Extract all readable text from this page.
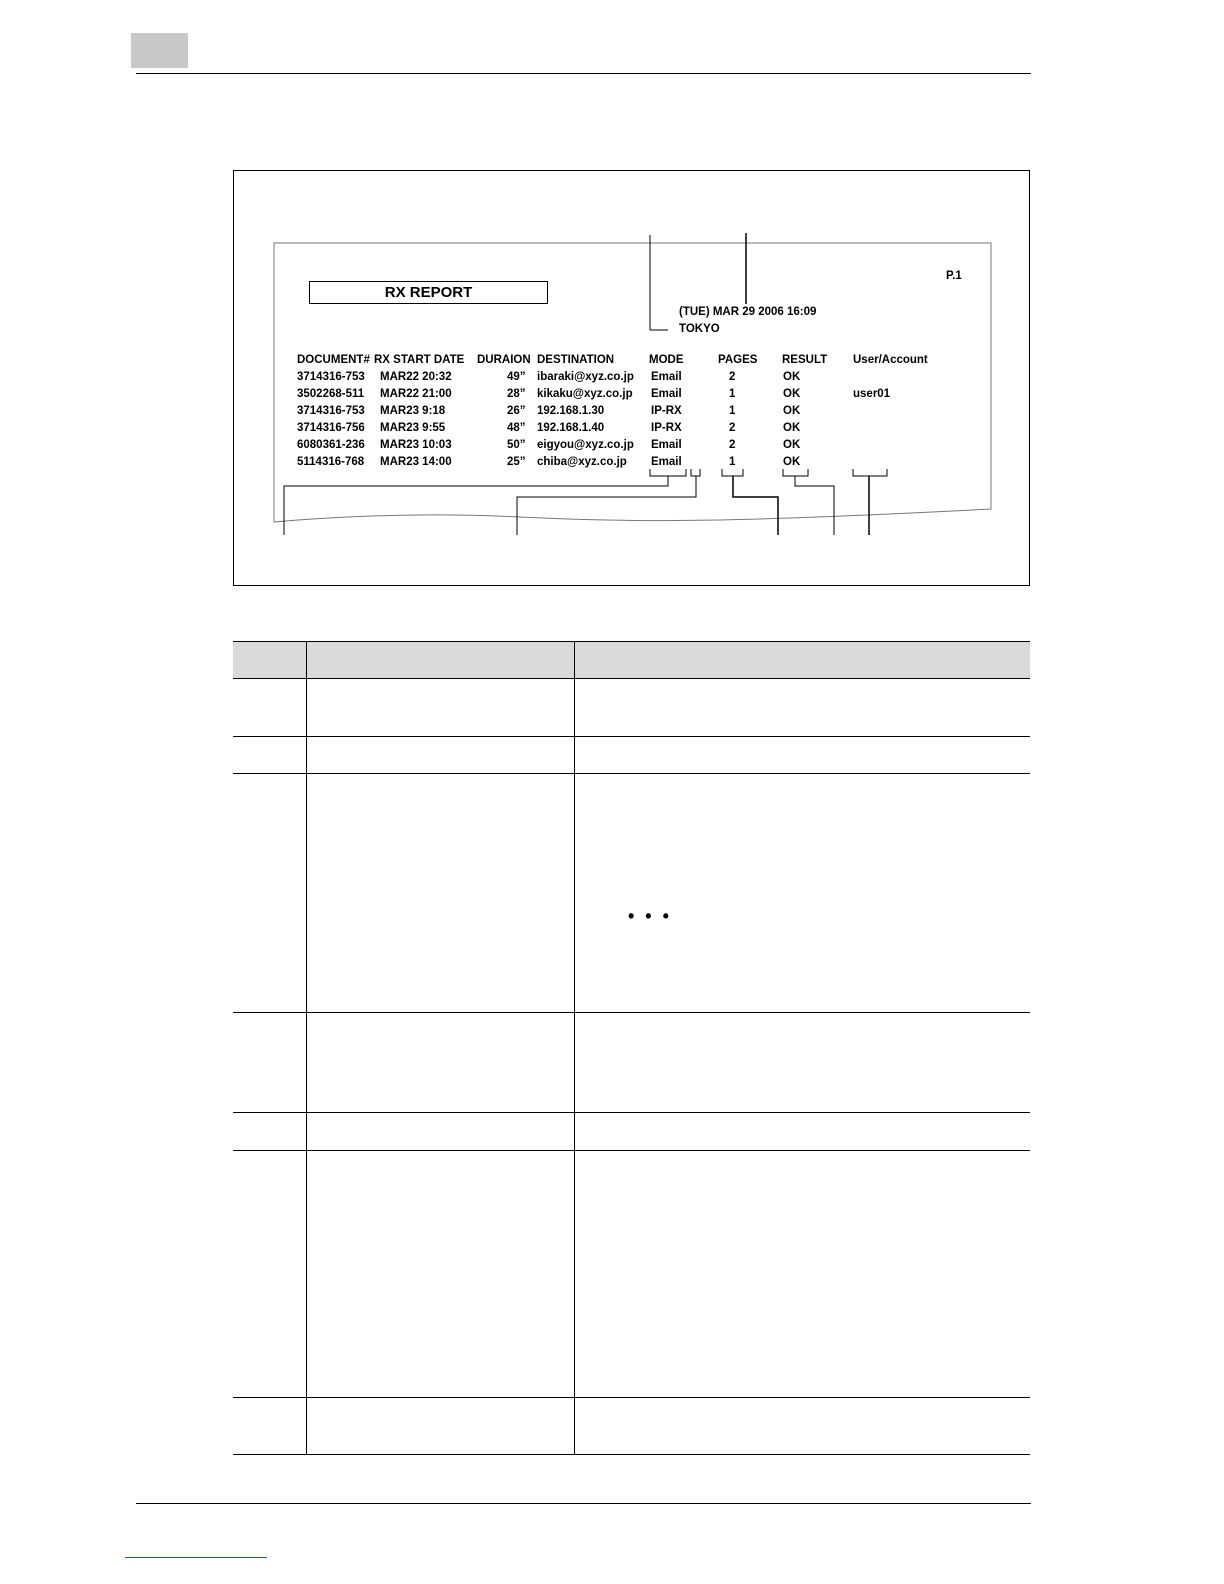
RX REPORT
P.1
(TUE) MAR 29 2006 16:09
TOKYO
DOCUMENT# RX START DATE DURAION DESTINATION	MODE	PAGES RESULT User/Account
3714316-753 MAR22 20:32	49” ibaraki@xyz.co.jp Email	2	OK
3502268-511 MAR22 21:00	28” kikaku@xyz.co.jp Email	1	OK	user01
3714316-753 MAR23 9:18	26” 192.168.1.30	IP-RX	1	OK
3714316-756 MAR23 9:55	48” 192.168.1.40	IP-RX	2	OK
6080361-236 MAR23 10:03	50” eigyou@xyz.co.jp Email	2	OK
5114316-768 MAR23 14:00	25” chiba@xyz.co.jp Email	1	OK

• • •
